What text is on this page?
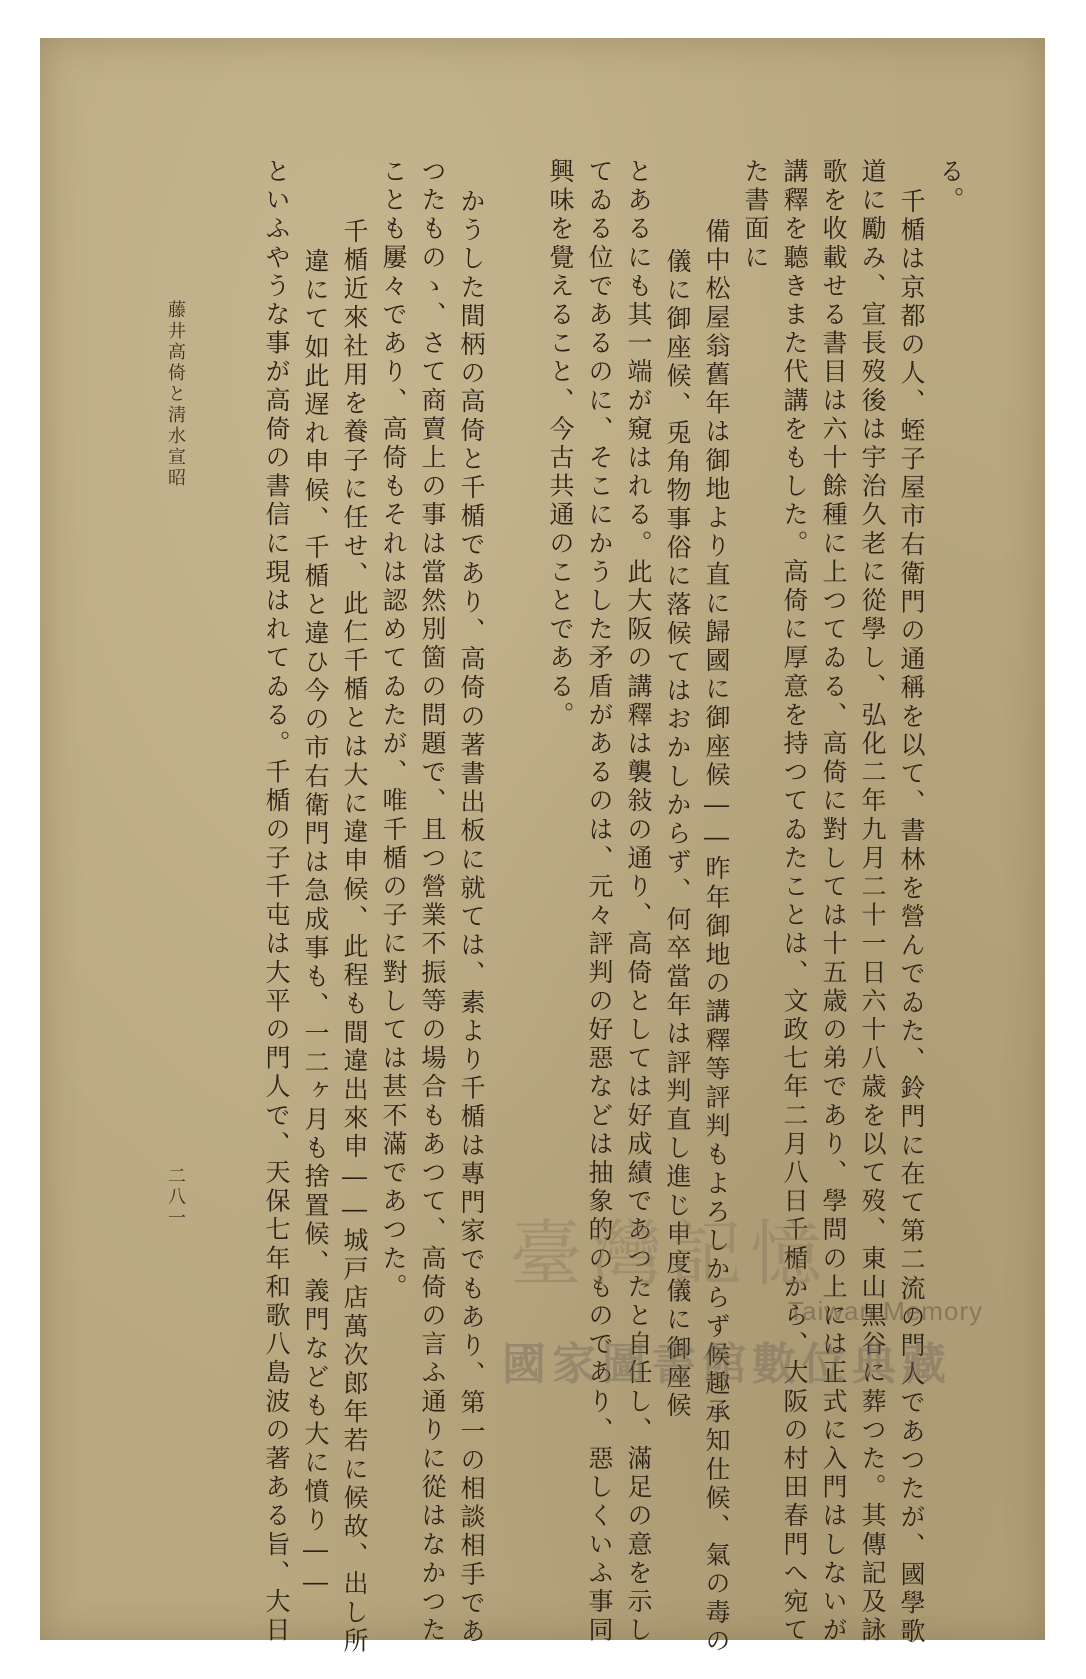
る。
千楯は京都の人、蛭子屋市右衛門の通稱を以て、書林を營んでゐた、鈴門に在て第二流の門人であつたが、國學歌
道に勵み、宣長歿後は宇治久老に從學し、弘化二年九月二十一日六十八歳を以て歿、東山黒谷に葬つた。其傳記及詠
歌を收載せる書目は六十餘種に上つてゐる、高倚に對しては十五歳の弟であり、學問の上には正式に入門はしないが
講釋を聽きまた代講をもした。高倚に厚意を持つてゐたことは、文政七年二月八日千楯から、大阪の村田春門へ宛て
た書面に
備中松屋翁舊年は御地より直に歸國に御座候――昨年御地の講釋等評判もよろしからず候趣承知仕候、氣の毒の
儀に御座候、兎角物事俗に落候てはおかしからず、何卒當年は評判直し進じ申度儀に御座候
とあるにも其一端が窺はれる。此大阪の講釋は襲敍の通り、高倚としては好成績であつたと自任し、滿足の意を示し
てゐる位であるのに、そこにかうした矛盾があるのは、元々評判の好惡などは抽象的のものであり、惡しくいふ事同
興味を覺えること、今古共通のことである。
かうした間柄の高倚と千楯であり、高倚の著書出板に就ては、素より千楯は專門家でもあり、第一の相談相手であ
つたものゝ、さて商賣上の事は當然別箇の問題で、且つ營業不振等の場合もあつて、高倚の言ふ通りに從はなかつた
ことも屢々であり、高倚もそれは認めてゐたが、唯千楯の子に對しては甚不滿であつた。
千楯近來社用を養子に任せ、此仁千楯とは大に違申候、此程も間違出來申――城戸店萬次郎年若に候故、出し所
違にて如此遅れ申候、千楯と違ひ今の市右衛門は急成事も、一二ヶ月も捨置候、義門なども大に憤り――
といふやうな事が高倚の書信に現はれてゐる。千楯の子千屯は大平の門人で、天保七年和歌八島波の著ある旨、大日
藤井高倚と淸水宣昭
二八一
臺灣記憶
Taiwan Memory
國家圖書館數位典藏
